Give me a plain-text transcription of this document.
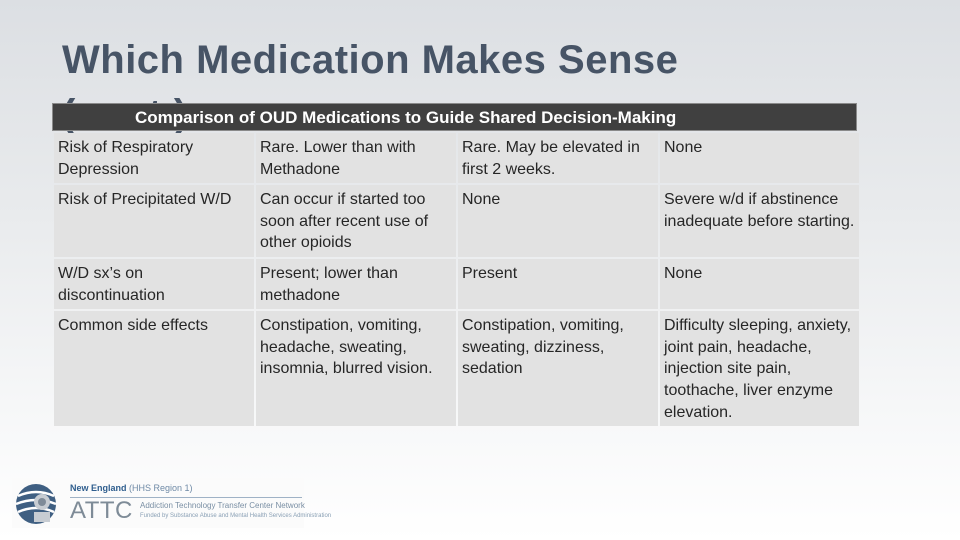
Which Medication Makes Sense

Comparison of OUD Medications to Guide Shared Decision-Making
Risk of Respiratory Depression	Rare. Lower than with Methadone	Rare. May be elevated in first 2 weeks.	None
Risk of Precipitated W/D	Can occur if started too soon after recent use of other opioids	None	Severe w/d if abstinence inadequate before starting.
W/D sx’s on discontinuation	Present; lower than methadone	Present	None
Common side effects	Constipation, vomiting, headache, sweating, insomnia, blurred vision.	Constipation, vomiting, sweating, dizziness, sedation	Difficulty sleeping, anxiety, joint pain, headache, injection site pain, toothache, liver enzyme elevation.
New England (HHS Region 1)
ATTC Addiction Technology Transfer Center Network
Funded by Substance Abuse and Mental Health Services Administration
